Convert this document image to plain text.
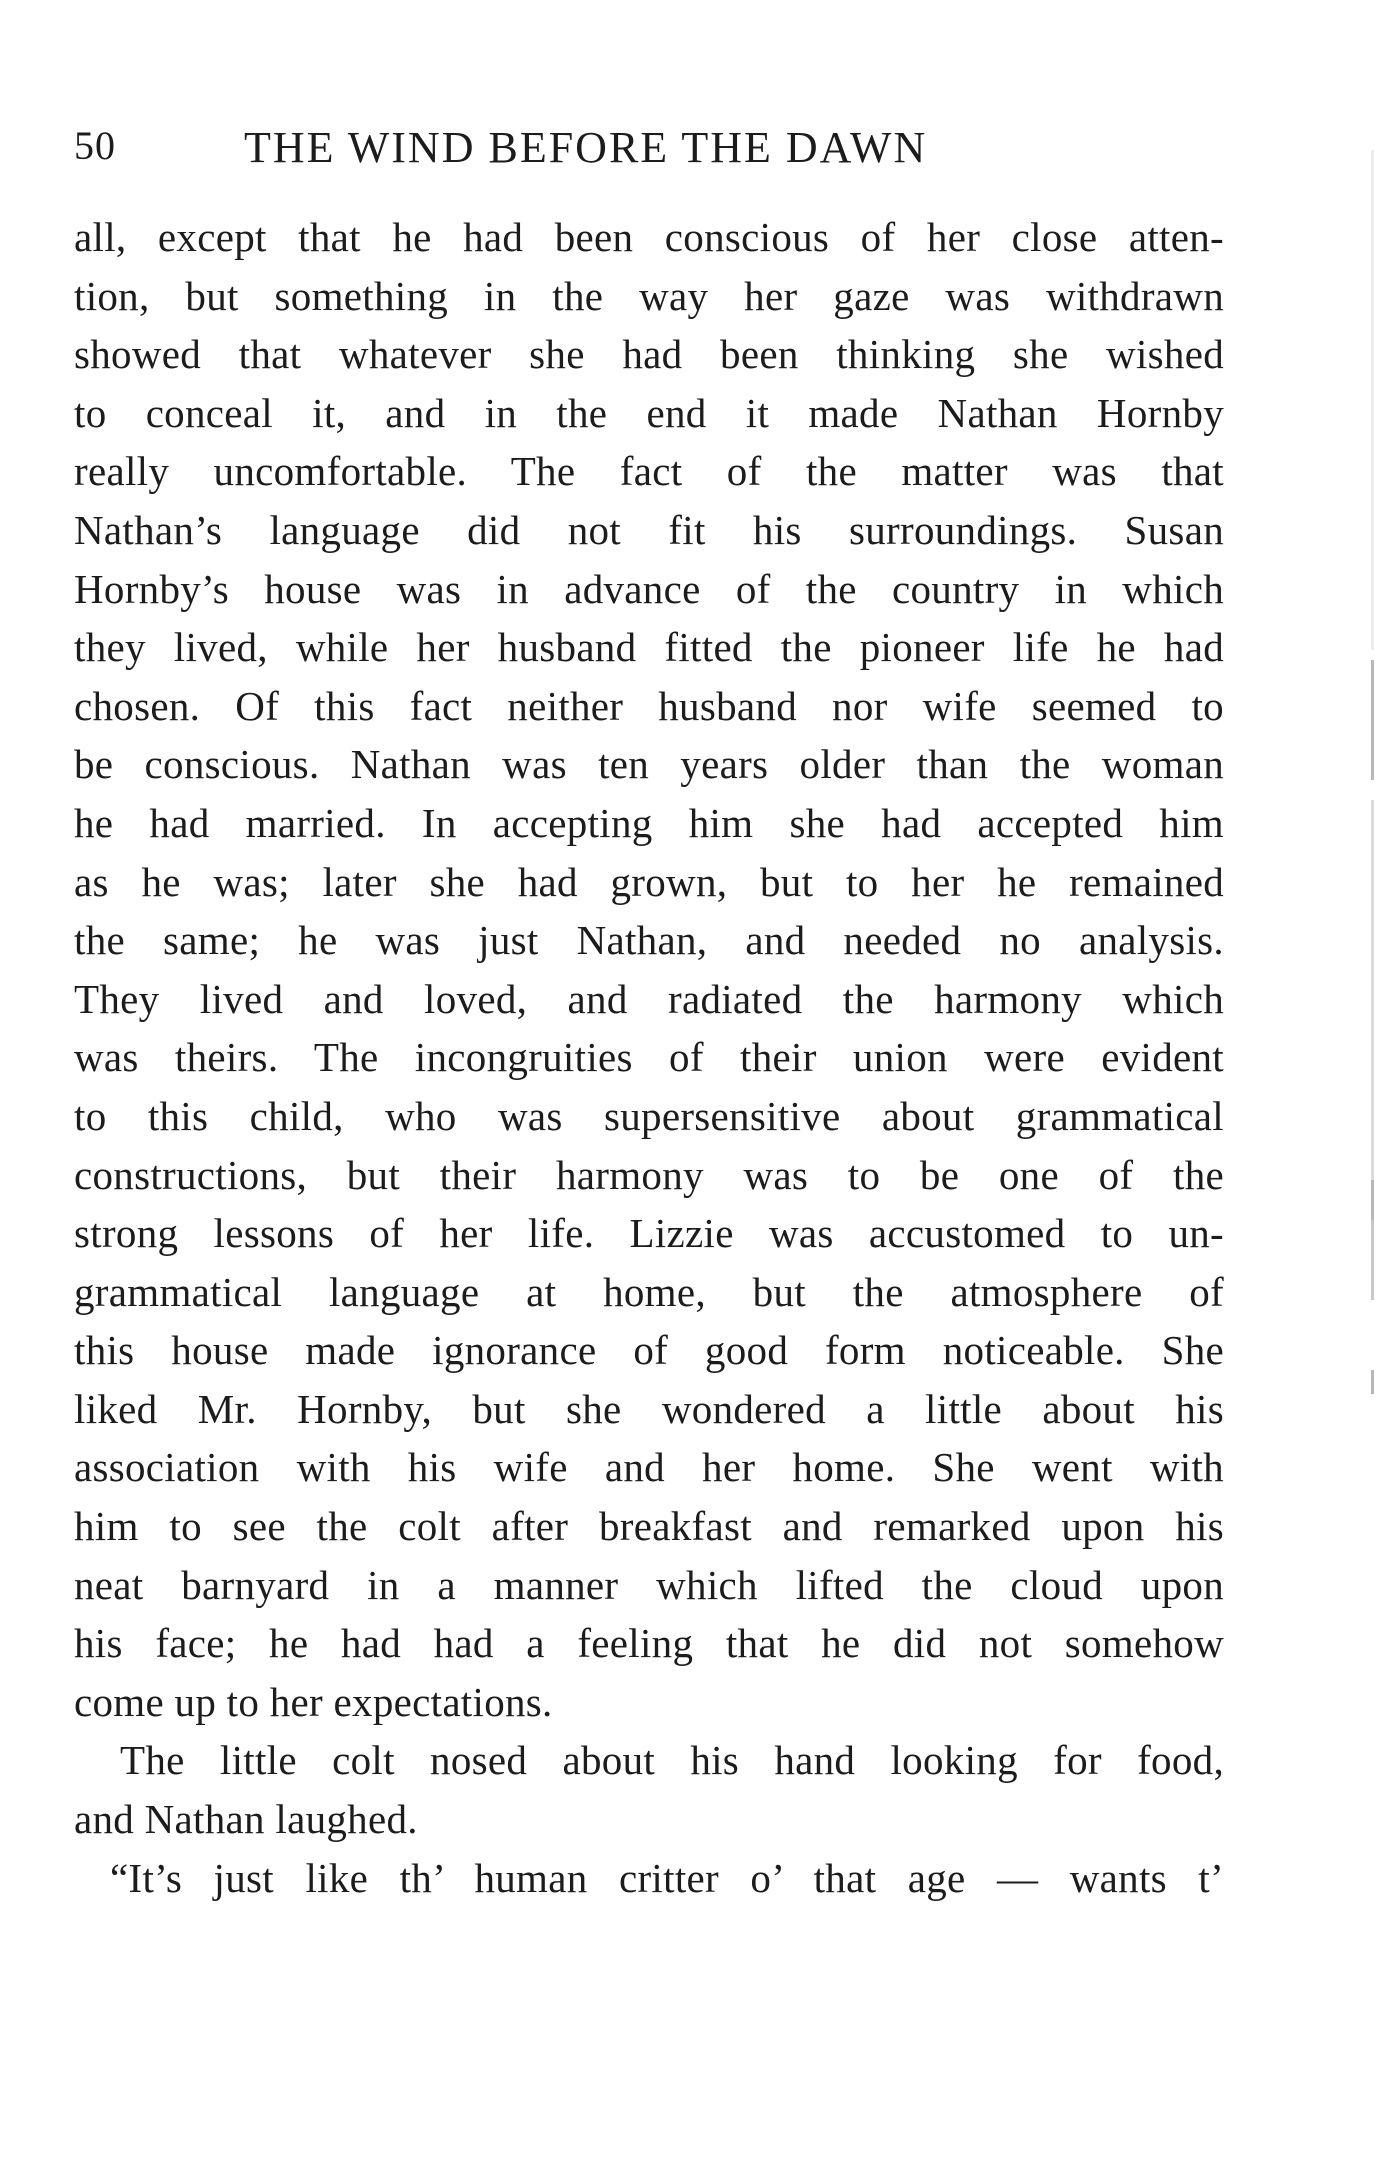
50	THE WIND BEFORE THE DAWN
all, except that he had been conscious of her close atten-
tion, but something in the way her gaze was withdrawn
showed that whatever she had been thinking she wished
to conceal it, and in the end it made Nathan Hornby
really uncomfortable. The fact of the matter was that
Nathan’s language did not fit his surroundings. Susan
Hornby’s house was in advance of the country in which
they lived, while her husband fitted the pioneer life he had
chosen. Of this fact neither husband nor wife seemed to
be conscious. Nathan was ten years older than the woman
he had married. In accepting him she had accepted him
as he was; later she had grown, but to her he remained
the same; he was just Nathan, and needed no analysis.
They lived and loved, and radiated the harmony which
was theirs. The incongruities of their union were evident
to this child, who was supersensitive about grammatical
constructions, but their harmony was to be one of the
strong lessons of her life. Lizzie was accustomed to un-
grammatical language at home, but the atmosphere of
this house made ignorance of good form noticeable. She
liked Mr. Hornby, but she wondered a little about his
association with his wife and her home. She went with
him to see the colt after breakfast and remarked upon his
neat barnyard in a manner which lifted the cloud upon
his face; he had had a feeling that he did not somehow
come up to her expectations.
The little colt nosed about his hand looking for food,
and Nathan laughed.
“It’s just like th’ human critter o’ that age — wants t’
